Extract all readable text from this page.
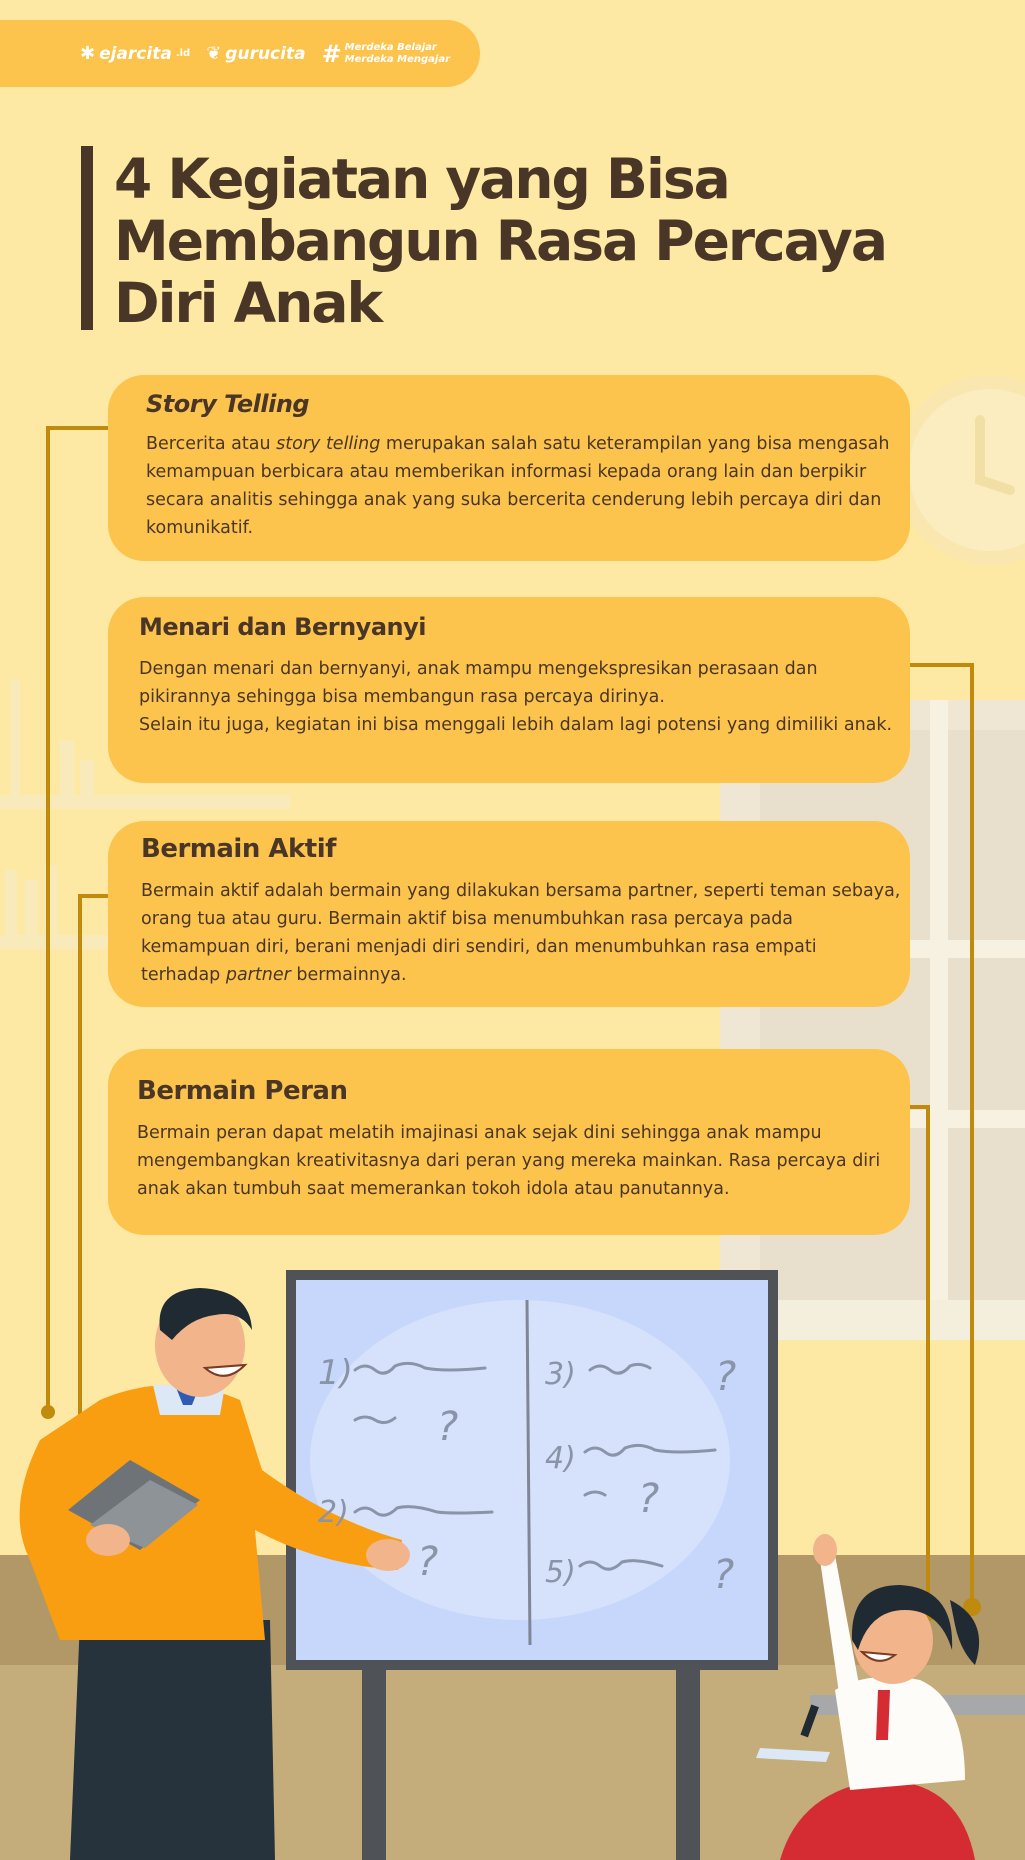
✱ ejarcita .id ❦ gurucita # Merdeka Belajar
Merdeka Mengajar
4 Kegiatan yang Bisa Membangun Rasa Percaya Diri Anak
Story Telling

Bercerita atau story telling merupakan salah satu keterampilan yang bisa mengasah kemampuan berbicara atau memberikan informasi kepada orang lain dan berpikir secara analitis sehingga anak yang suka bercerita cenderung lebih percaya diri dan komunikatif.

Menari dan Bernyanyi

Dengan menari dan bernyanyi, anak mampu mengekspresikan perasaan dan pikirannya sehingga bisa membangun rasa percaya dirinya.
Selain itu juga, kegiatan ini bisa menggali lebih dalam lagi potensi yang dimiliki anak.

Bermain Aktif

Bermain aktif adalah bermain yang dilakukan bersama partner, seperti teman sebaya, orang tua atau guru. Bermain aktif bisa menumbuhkan rasa percaya pada kemampuan diri, berani menjadi diri sendiri, dan menumbuhkan rasa empati terhadap partner bermainnya.

Bermain Peran

Bermain peran dapat melatih imajinasi anak sejak dini sehingga anak mampu mengembangkan kreativitasnya dari peran yang mereka mainkan. Rasa percaya diri anak akan tumbuh saat memerankan tokoh idola atau panutannya.

1)
2)
3)
4)
5)
?
?
?
?
?
